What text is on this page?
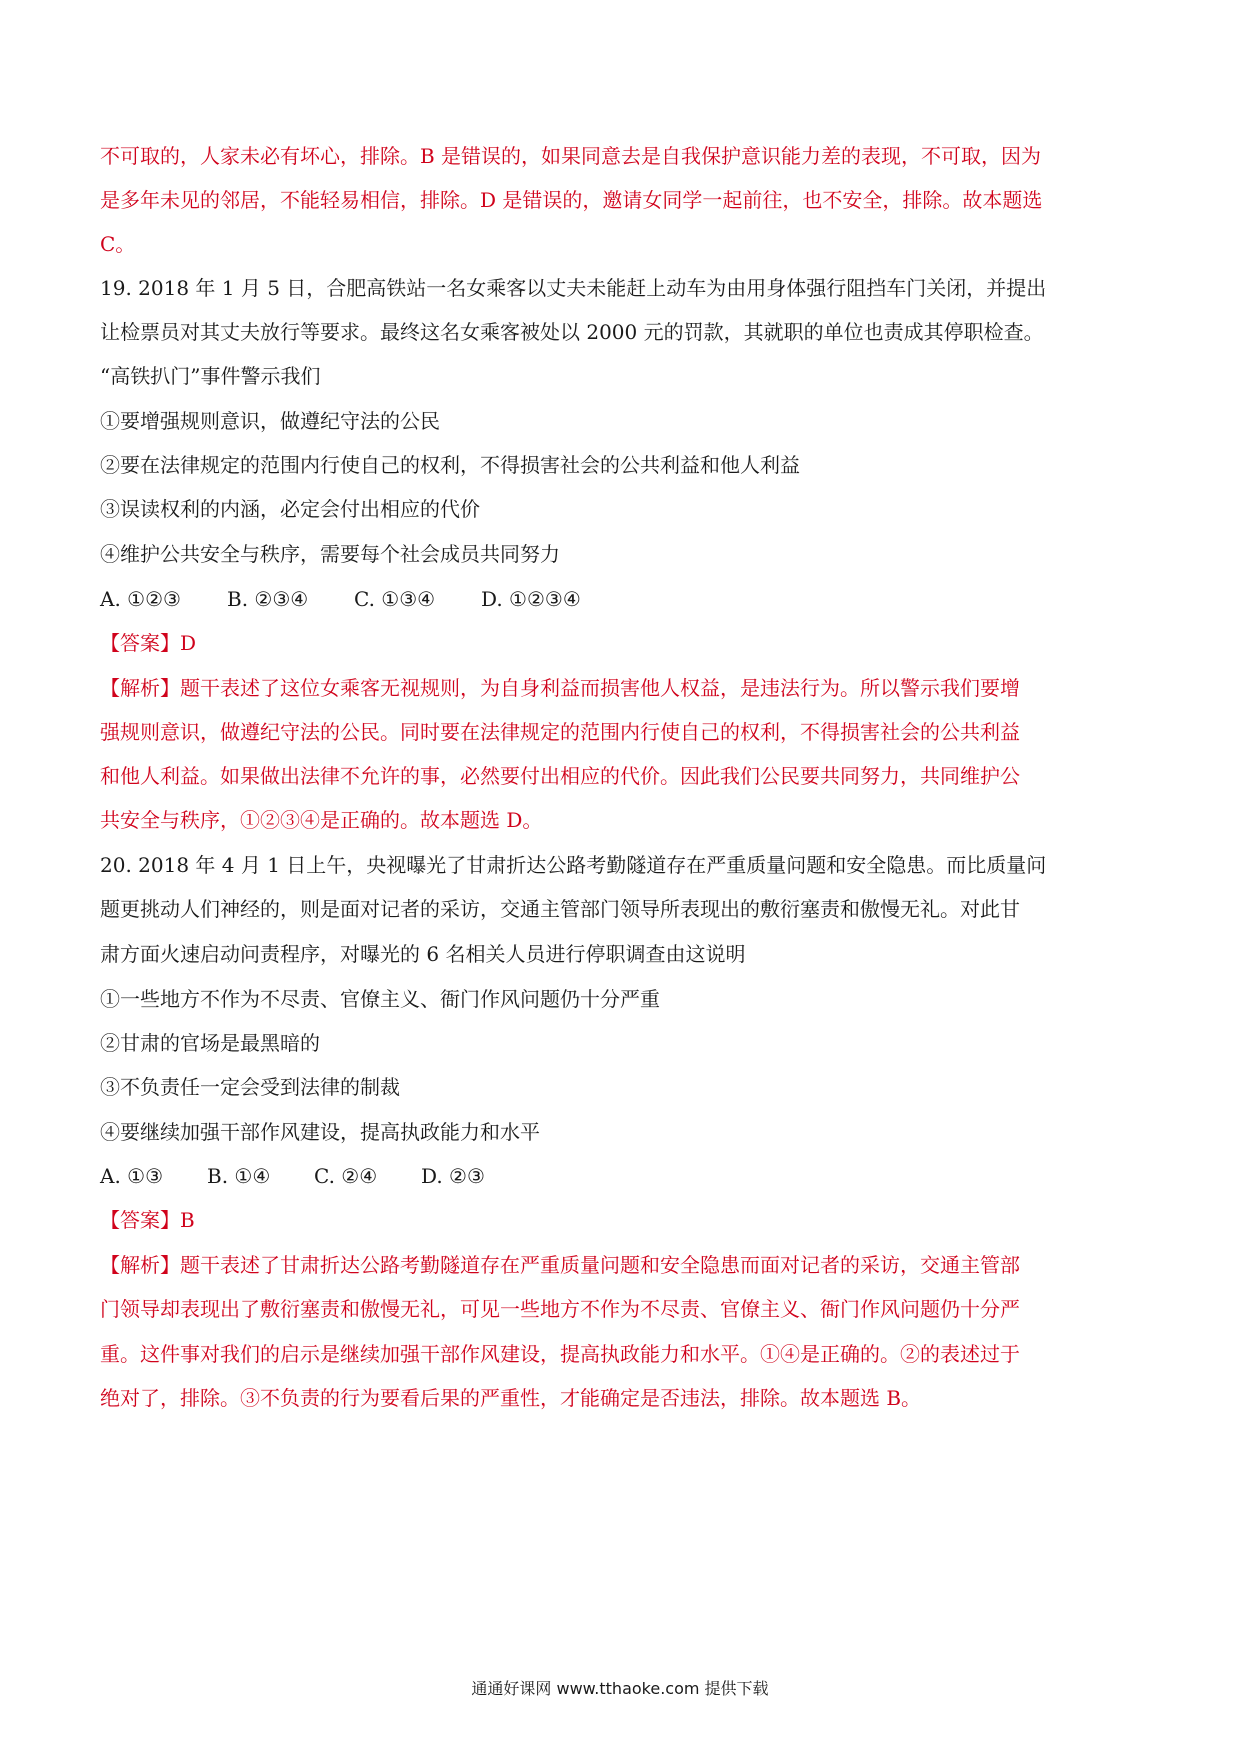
不可取的，人家未必有坏心，排除。B 是错误的，如果同意去是自我保护意识能力差的表现，不可取，因为
是多年未见的邻居，不能轻易相信，排除。D 是错误的，邀请女同学一起前往，也不安全，排除。故本题选
C。
19. 2018 年 1 月 5 日，合肥高铁站一名女乘客以丈夫未能赶上动车为由用身体强行阻挡车门关闭，并提出
让检票员对其丈夫放行等要求。最终这名女乘客被处以 2000 元的罚款，其就职的单位也责成其停职检查。
“高铁扒门”事件警示我们
①要增强规则意识，做遵纪守法的公民
②要在法律规定的范围内行使自己的权利，不得损害社会的公共利益和他人利益
③误读权利的内涵，必定会付出相应的代价
④维护公共安全与秩序，需要每个社会成员共同努力
A. ①②③ B. ②③④ C. ①③④ D. ①②③④
【答案】D
【解析】题干表述了这位女乘客无视规则，为自身利益而损害他人权益，是违法行为。所以警示我们要增
强规则意识，做遵纪守法的公民。同时要在法律规定的范围内行使自己的权利，不得损害社会的公共利益
和他人利益。如果做出法律不允许的事，必然要付出相应的代价。因此我们公民要共同努力，共同维护公
共安全与秩序，①②③④是正确的。故本题选 D。
20. 2018 年 4 月 1 日上午，央视曝光了甘肃折达公路考勤隧道存在严重质量问题和安全隐患。而比质量问
题更挑动人们神经的，则是面对记者的采访，交通主管部门领导所表现出的敷衍塞责和傲慢无礼。对此甘
肃方面火速启动问责程序，对曝光的 6 名相关人员进行停职调查由这说明
①一些地方不作为不尽责、官僚主义、衙门作风问题仍十分严重
②甘肃的官场是最黑暗的
③不负责任一定会受到法律的制裁
④要继续加强干部作风建设，提高执政能力和水平
A. ①③ B. ①④ C. ②④ D. ②③
【答案】B
【解析】题干表述了甘肃折达公路考勤隧道存在严重质量问题和安全隐患而面对记者的采访，交通主管部
门领导却表现出了敷衍塞责和傲慢无礼，可见一些地方不作为不尽责、官僚主义、衙门作风问题仍十分严
重。这件事对我们的启示是继续加强干部作风建设，提高执政能力和水平。①④是正确的。②的表述过于
绝对了，排除。③不负责的行为要看后果的严重性，才能确定是否违法，排除。故本题选 B。
通通好课网 www.tthaoke.com 提供下载
